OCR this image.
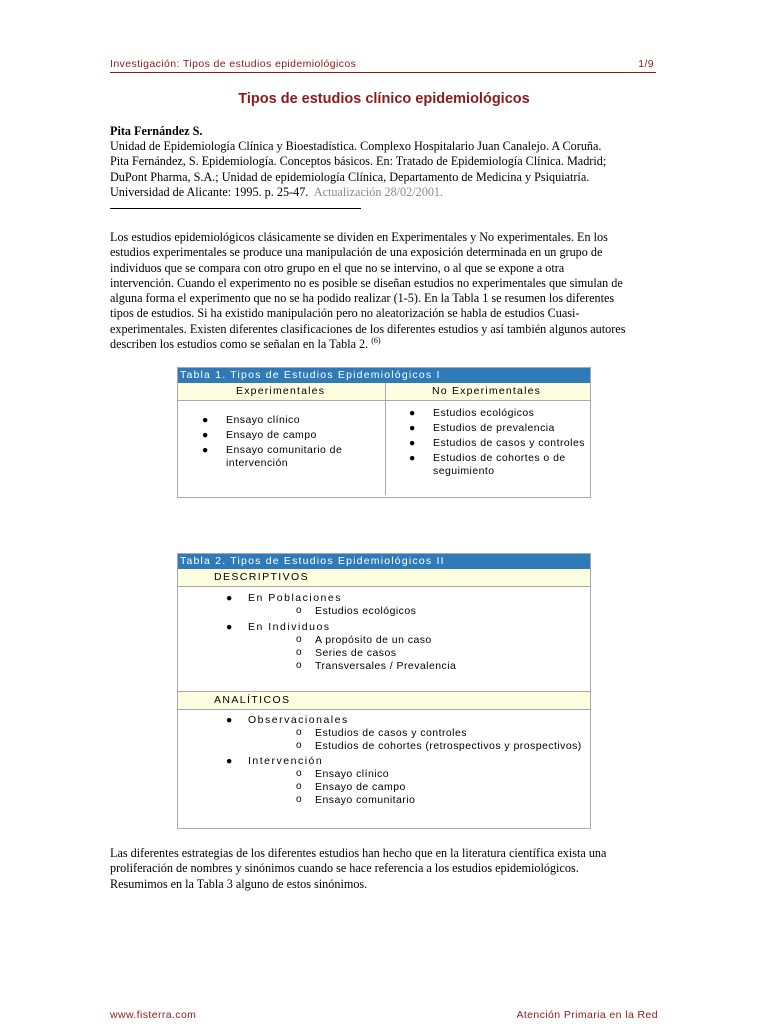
Investigación: Tipos de estudios epidemiológicos	1/9
Tipos de estudios clínico epidemiológicos
Pita Fernández S.
Unidad de Epidemiología Clínica y Bioestadística. Complexo Hospitalario Juan Canalejo. A Coruña.
Pita Fernández, S. Epidemiología. Conceptos básicos. En: Tratado de Epidemiología Clínica. Madrid;
DuPont Pharma, S.A.; Unidad de epidemiología Clínica, Departamento de Medicina y Psiquiatría.
Universidad de Alicante: 1995. p. 25-47. Actualización 28/02/2001.
Los estudios epidemiológicos clásicamente se dividen en Experimentales y No experimentales. En los
estudios experimentales se produce una manipulación de una exposición determinada en un grupo de
individuos que se compara con otro grupo en el que no se intervino, o al que se expone a otra
intervención. Cuando el experimento no es posible se diseñan estudios no experimentales que simulan de
alguna forma el experimento que no se ha podido realizar (1-5). En la Tabla 1 se resumen los diferentes
tipos de estudios. Si ha existido manipulación pero no aleatorización se habla de estudios Cuasi-
experimentales. Existen diferentes clasificaciones de los diferentes estudios y así también algunos autores
describen los estudios como se señalan en la Tabla 2. $^{(6)}$
Tabla 1. Tipos de Estudios Epidemiológicos I
Experimentales	No Experimentales
● Ensayo clínico
● Ensayo de campo
● Ensayo comunitario de
intervención
● Estudios ecológicos
● Estudios de prevalencia
● Estudios de casos y controles
● Estudios de cohortes o de
seguimiento
Tabla 2. Tipos de Estudios Epidemiológicos II
DESCRIPTIVOS
● En Poblaciones
o Estudios ecológicos
● En Individuos
o A propósito de un caso
o Series de casos
o Transversales / Prevalencia
ANALÍTICOS
● Observacionales
o Estudios de casos y controles
o Estudios de cohortes (retrospectivos y prospectivos)
● Intervención
o Ensayo clínico
o Ensayo de campo
o Ensayo comunitario
Las diferentes estrategias de los diferentes estudios han hecho que en la literatura científica exista una
proliferación de nombres y sinónimos cuando se hace referencia a los estudios epidemiológicos.
Resumimos en la Tabla 3 alguno de estos sinónimos.
www.fisterra.com	Atención Primaria en la Red
